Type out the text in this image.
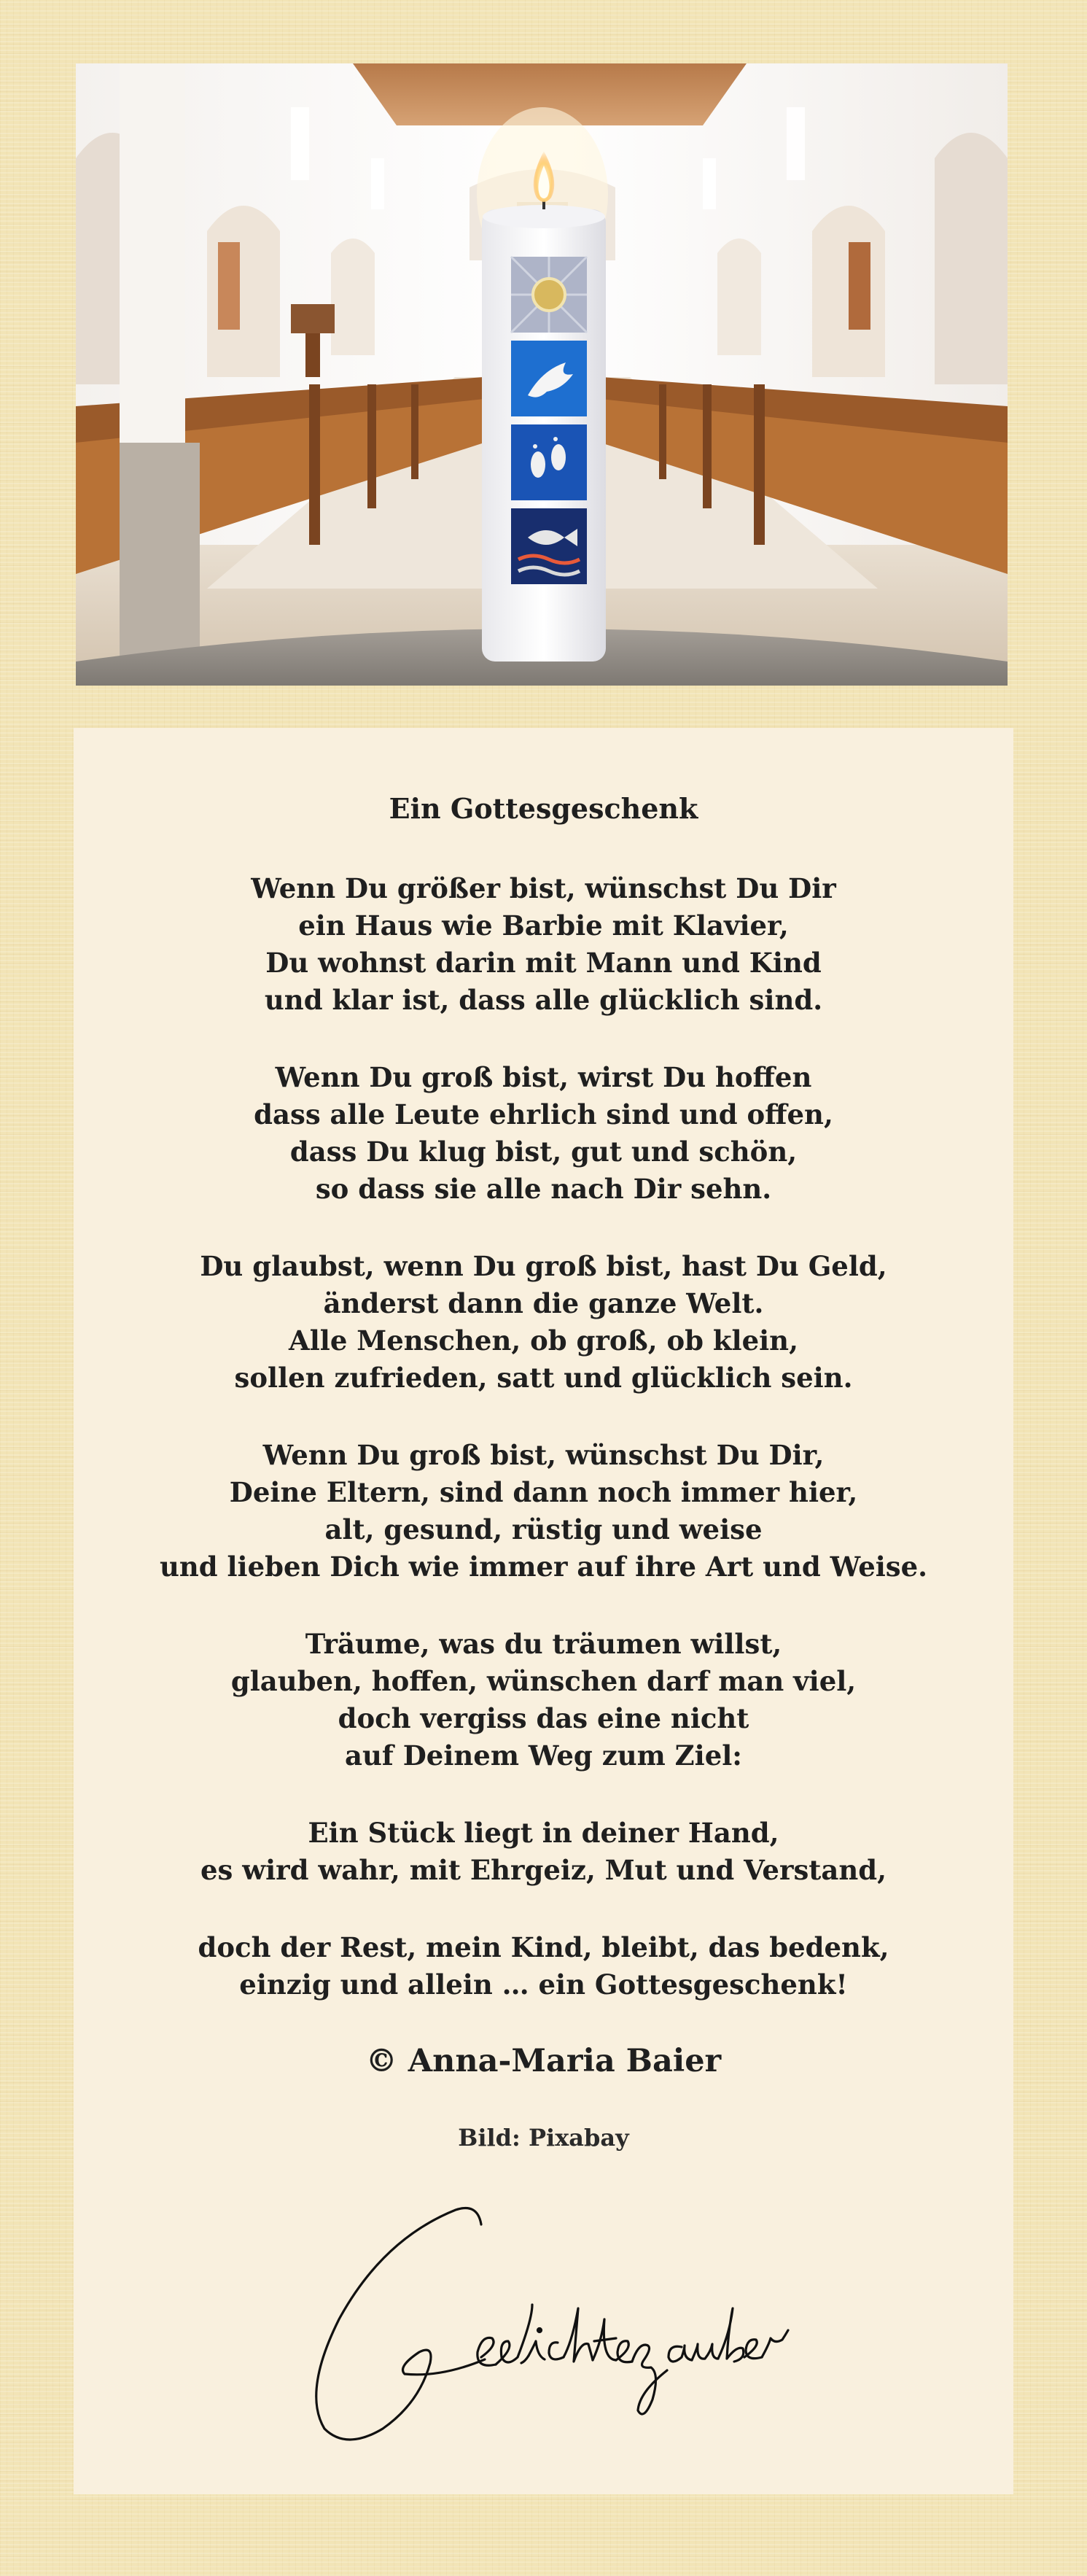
Ein Gottesgeschenk
Wenn Du größer bist, wünschst Du Dir
ein Haus wie Barbie mit Klavier,
Du wohnst darin mit Mann und Kind
und klar ist, dass alle glücklich sind.
Wenn Du groß bist, wirst Du hoffen
dass alle Leute ehrlich sind und offen,
dass Du klug bist, gut und schön,
so dass sie alle nach Dir sehn.
Du glaubst, wenn Du groß bist, hast Du Geld,
änderst dann die ganze Welt.
Alle Menschen, ob groß, ob klein,
sollen zufrieden, satt und glücklich sein.
Wenn Du groß bist, wünschst Du Dir,
Deine Eltern, sind dann noch immer hier,
alt, gesund, rüstig und weise
und lieben Dich wie immer auf ihre Art und Weise.
Träume, was du träumen willst,
glauben, hoffen, wünschen darf man viel,
doch vergiss das eine nicht
auf Deinem Weg zum Ziel:
Ein Stück liegt in deiner Hand,
es wird wahr, mit Ehrgeiz, Mut und Verstand,
doch der Rest, mein Kind, bleibt, das bedenk,
einzig und allein … ein Gottesgeschenk!
© Anna-Maria Baier
Bild: Pixabay
